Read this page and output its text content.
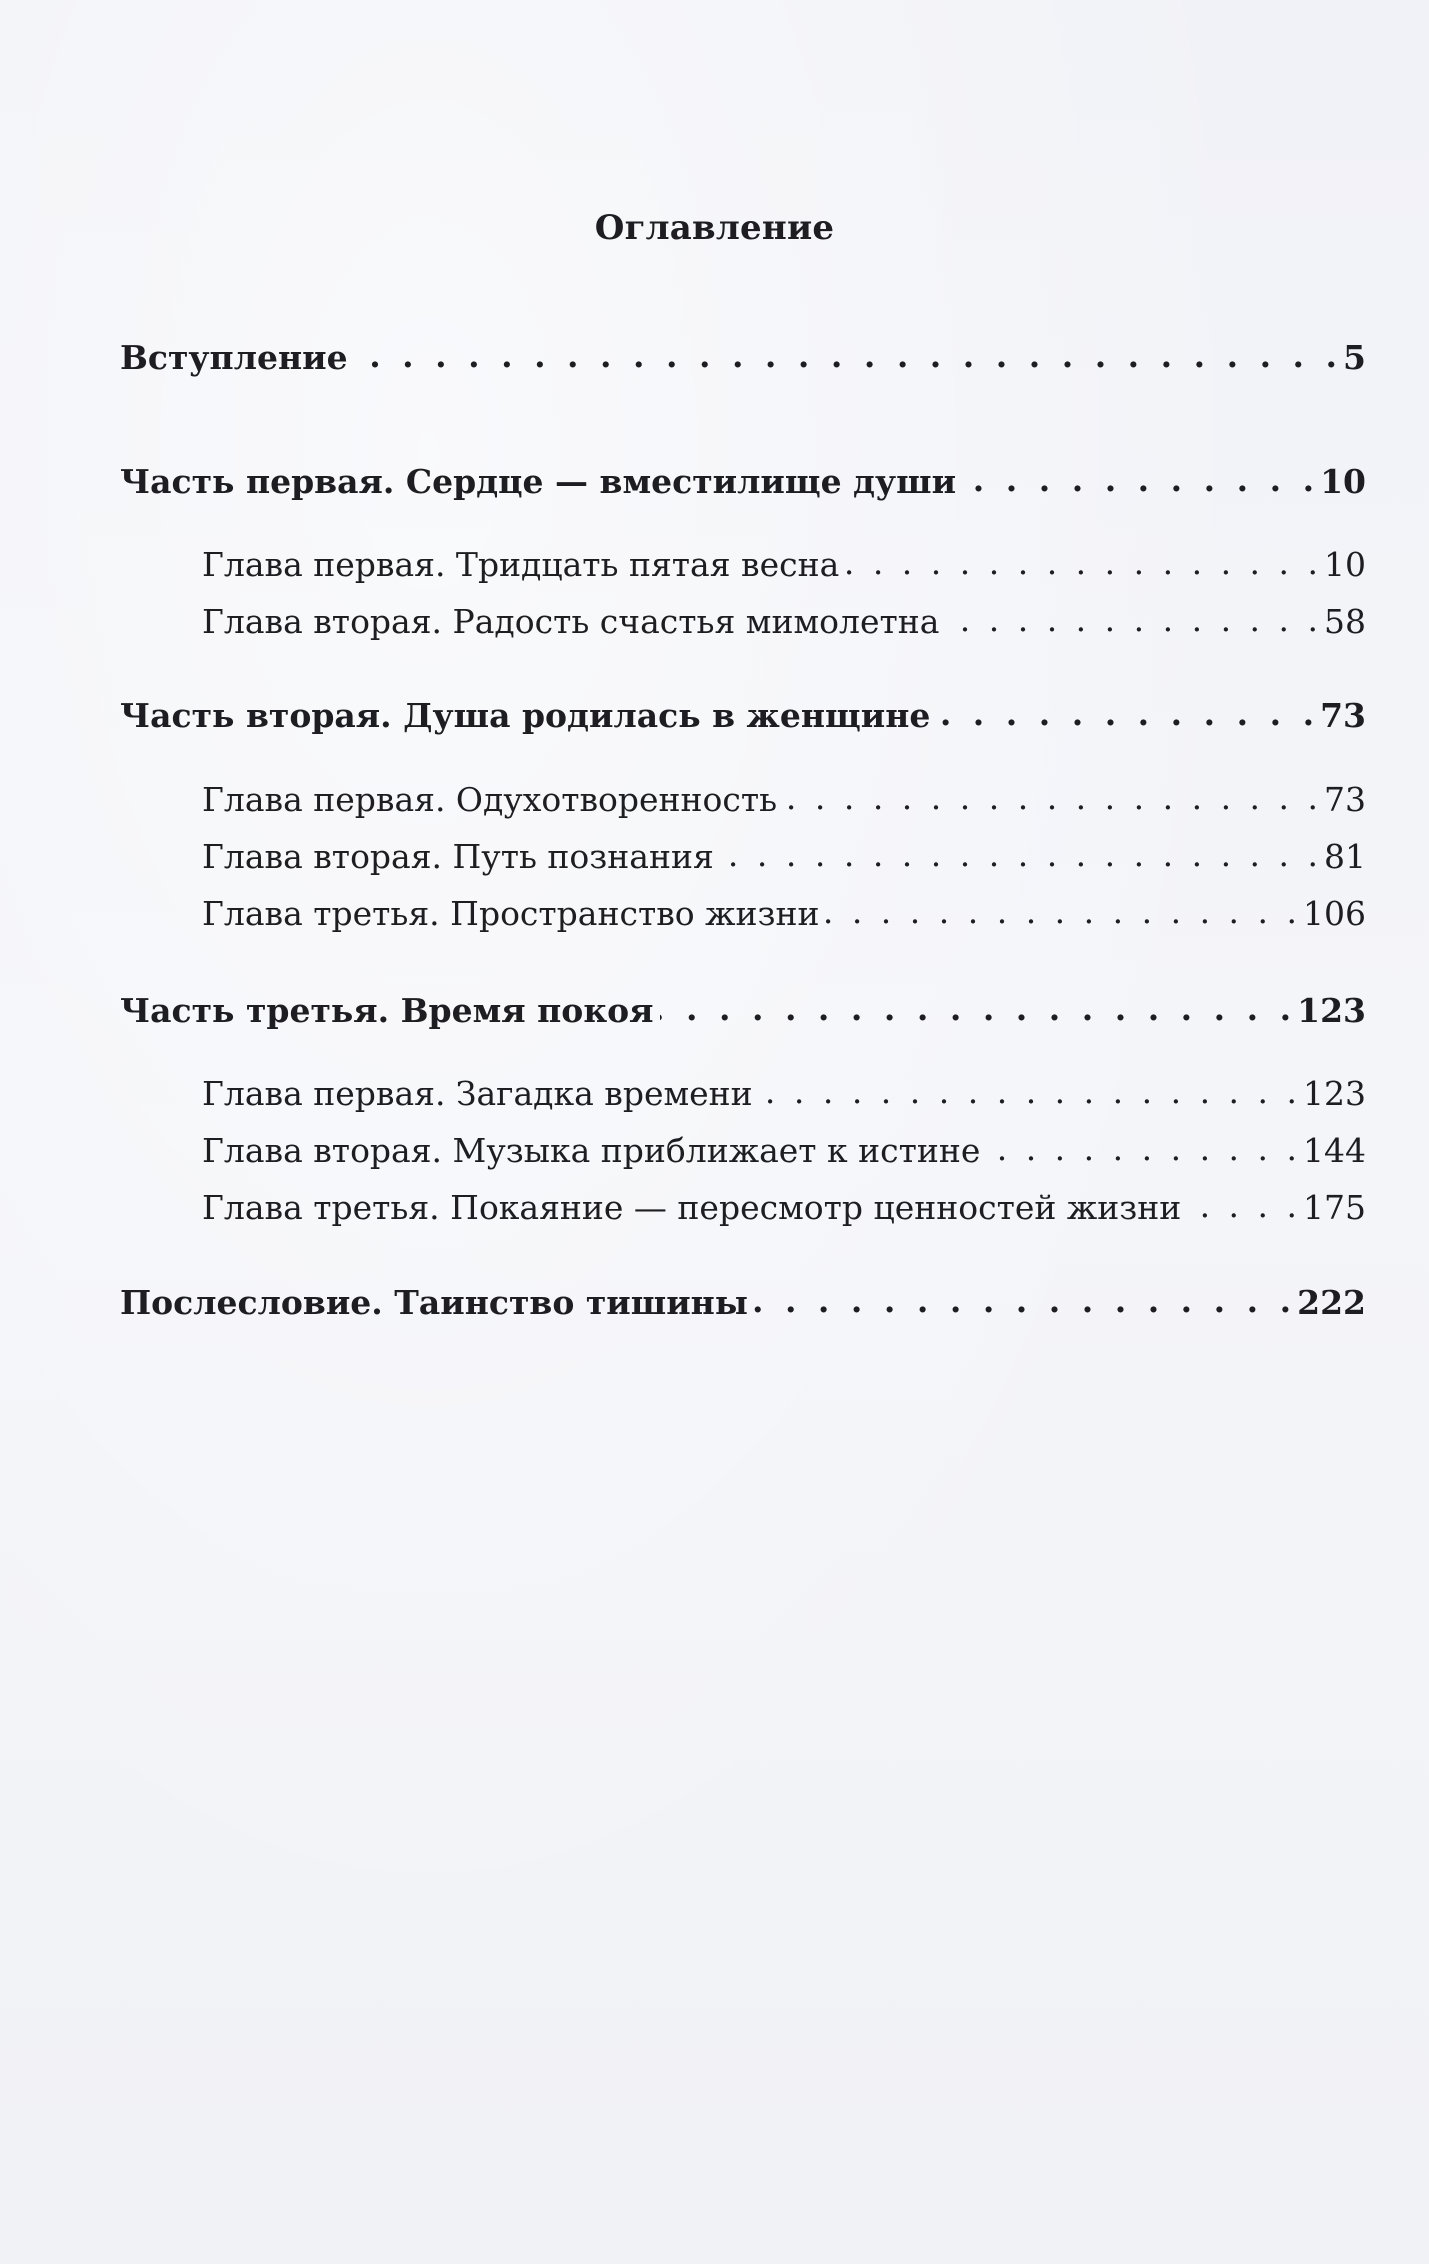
Оглавление
Вступление . . .	5
Часть первая. Сердце — вместилище души . . .	10
Глава первая. Тридцать пятая весна . . .	10
Глава вторая. Радость счастья мимолетна . . .	58
Часть вторая. Душа родилась в женщине . . .	73
Глава первая. Одухотворенность . . .	73
Глава вторая. Путь познания . . .	81
Глава третья. Пространство жизни . . .	106
Часть третья. Время покоя . . .	123
Глава первая. Загадка времени . . .	123
Глава вторая. Музыка приближает к истине . . .	144
Глава третья. Покаяние — пересмотр ценностей жизни . . .	175
Послесловие. Таинство тишины . . .	222
